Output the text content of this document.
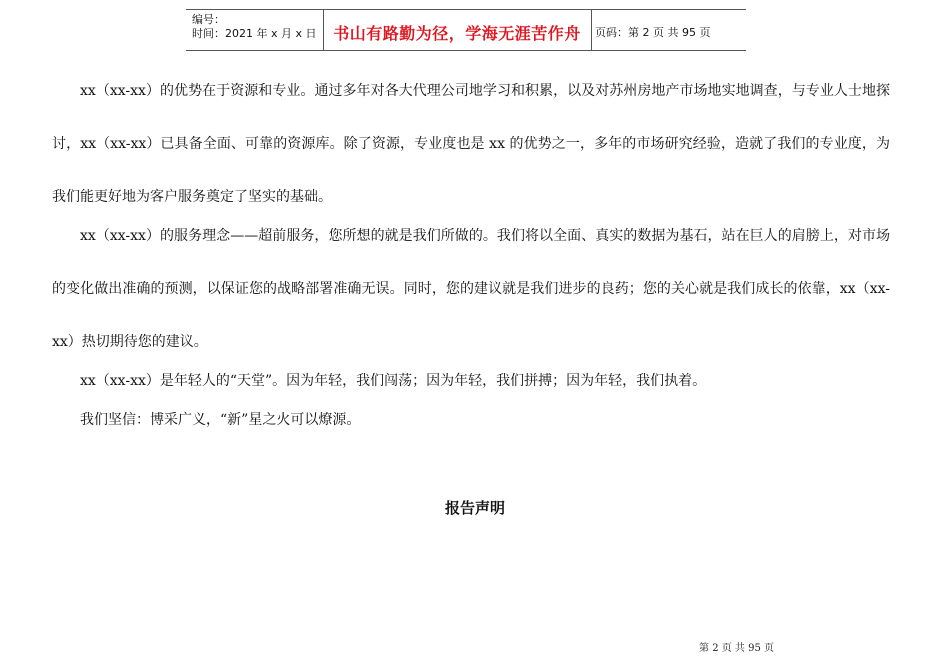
编号：
时间：2021 年 x 月 x 日	书山有路勤为径，学海无涯苦作舟	页码：第 2 页 共 95 页

xx（xx-xx）的优势在于资源和专业。通过多年对各大代理公司地学习和积累，以及对苏州房地产市场地实地调查，与专业人士地探讨，xx（xx-xx）已具备全面、可靠的资源库。除了资源，专业度也是 xx 的优势之一，多年的市场研究经验，造就了我们的专业度，为我们能更好地为客户服务奠定了坚实的基础。

xx（xx-xx）的服务理念——超前服务，您所想的就是我们所做的。我们将以全面、真实的数据为基石，站在巨人的肩膀上，对市场的变化做出准确的预测，以保证您的战略部署准确无误。同时，您的建议就是我们进步的良药；您的关心就是我们成长的依靠，xx（xx-xx）热切期待您的建议。

xx（xx-xx）是年轻人的“天堂”。因为年轻，我们闯荡；因为年轻，我们拼搏；因为年轻，我们执着。

我们坚信：博采广义，“新”星之火可以燎源。

报告声明
第 2 页 共 95 页
